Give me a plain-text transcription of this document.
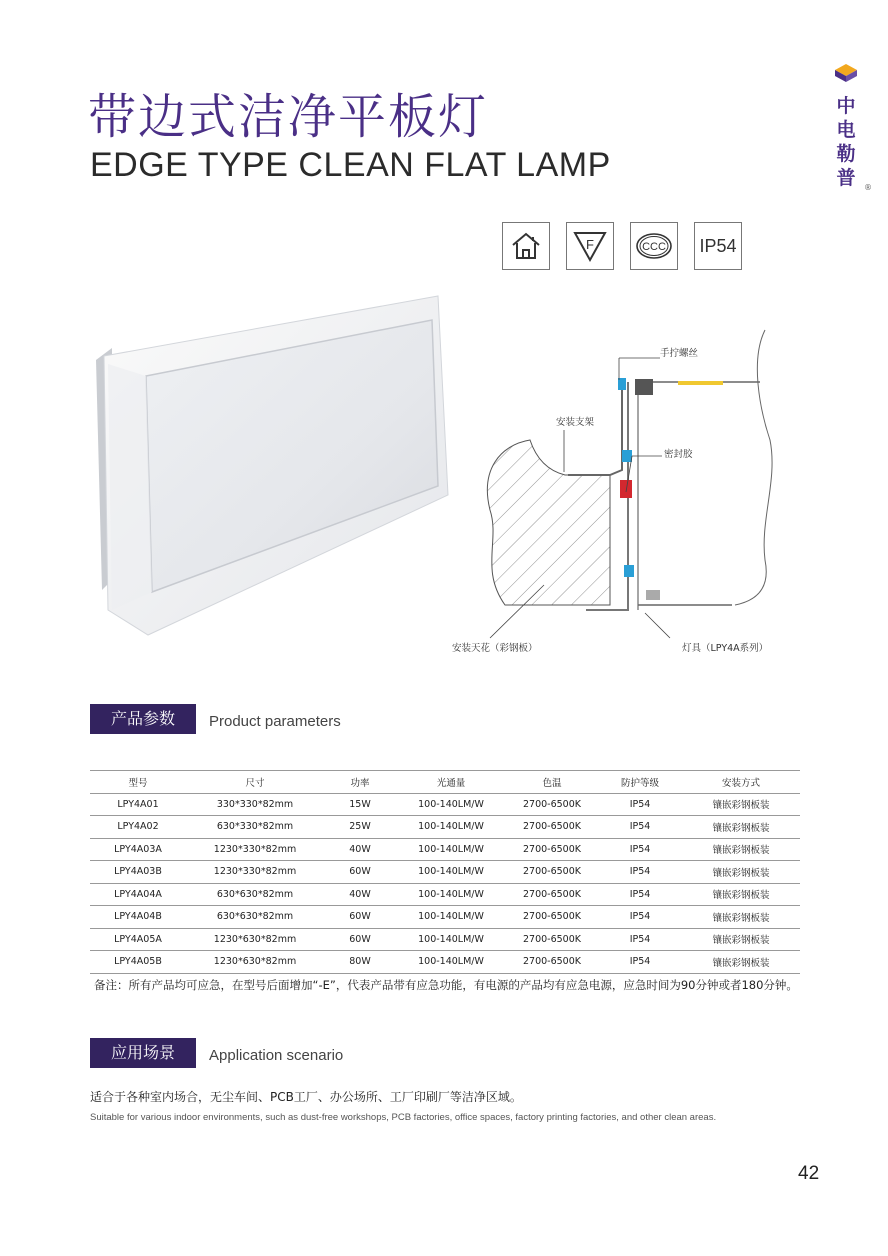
带边式洁净平板灯
EDGE TYPE CLEAN FLAT LAMP
中
电
勒
普	®
F	CCC IP54
手拧螺丝
安装支架
密封胶
安装天花（彩钢板）	灯具（LPY4A系列）
产品参数	Product parameters
型号	尺寸	功率	光通量	色温	防护等级	安装方式
LPY4A01	330*330*82mm	15W	100-140LM/W	2700-6500K	IP54	镶嵌彩钢板装
LPY4A02	630*330*82mm	25W	100-140LM/W	2700-6500K	IP54	镶嵌彩钢板装
LPY4A03A	1230*330*82mm	40W	100-140LM/W	2700-6500K	IP54	镶嵌彩钢板装
LPY4A03B	1230*330*82mm	60W	100-140LM/W	2700-6500K	IP54	镶嵌彩钢板装
LPY4A04A	630*630*82mm	40W	100-140LM/W	2700-6500K	IP54	镶嵌彩钢板装
LPY4A04B	630*630*82mm	60W	100-140LM/W	2700-6500K	IP54	镶嵌彩钢板装
LPY4A05A	1230*630*82mm	60W	100-140LM/W	2700-6500K	IP54	镶嵌彩钢板装
LPY4A05B	1230*630*82mm	80W	100-140LM/W	2700-6500K	IP54	镶嵌彩钢板装
备注：所有产品均可应急，在型号后面增加“-E”，代表产品带有应急功能，有电源的产品均有应急电源，应急时间为90分钟或者180分钟。
应用场景	Application scenario
适合于各种室内场合，无尘车间、PCB工厂、办公场所、工厂印刷厂等洁净区域。
Suitable for various indoor environments, such as dust-free workshops, PCB factories, office spaces, factory printing factories, and other clean areas.
42
